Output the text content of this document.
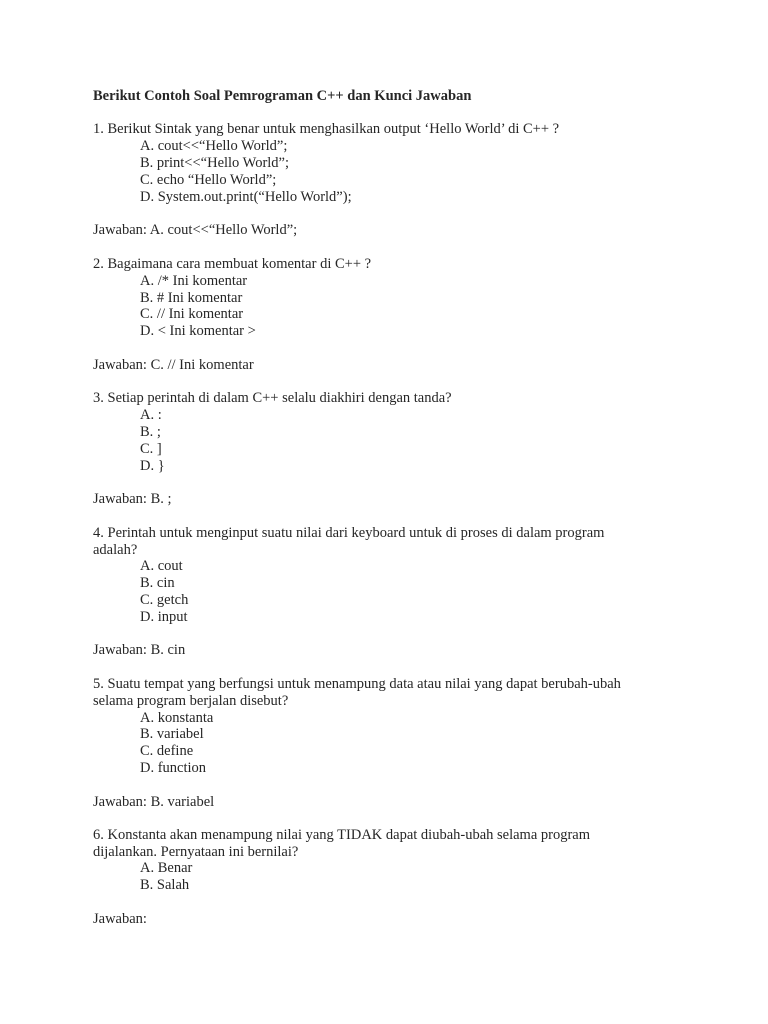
Berikut Contoh Soal Pemrograman C++ dan Kunci Jawaban
1. Berikut Sintak yang benar untuk menghasilkan output ‘Hello World’ di C++ ?
A. cout<<“Hello World”;
B. print<<“Hello World”;
C. echo “Hello World”;
D. System.out.print(“Hello World”);
Jawaban: A. cout<<“Hello World”;
2. Bagaimana cara membuat komentar di C++ ?
A. /* Ini komentar
B. # Ini komentar
C. // Ini komentar
D. < Ini komentar >
Jawaban: C. // Ini komentar
3. Setiap perintah di dalam C++ selalu diakhiri dengan tanda?
A. :
B. ;
C. ]
D. }
Jawaban: B. ;
4. Perintah untuk menginput suatu nilai dari keyboard untuk di proses di dalam program
adalah?
A. cout
B. cin
C. getch
D. input
Jawaban: B. cin
5. Suatu tempat yang berfungsi untuk menampung data atau nilai yang dapat berubah-ubah
selama program berjalan disebut?
A. konstanta
B. variabel
C. define
D. function
Jawaban: B. variabel
6. Konstanta akan menampung nilai yang TIDAK dapat diubah-ubah selama program
dijalankan. Pernyataan ini bernilai?
A. Benar
B. Salah
Jawaban:
